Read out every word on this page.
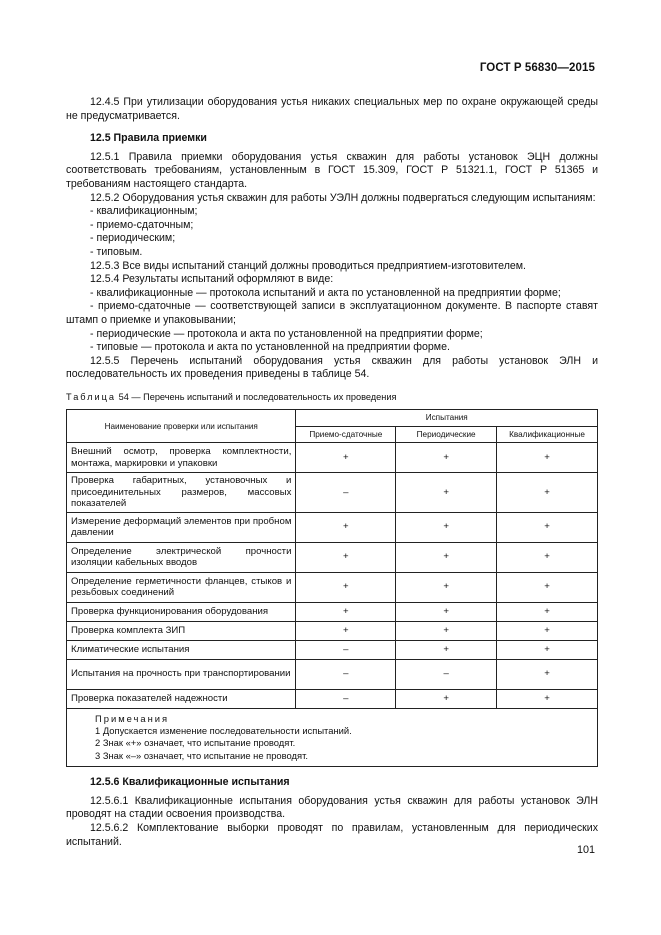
ГОСТ Р 56830—2015

12.4.5 При утилизации оборудования устья никаких специальных мер по охране окружающей среды не предусматривается.

12.5 Правила приемки

12.5.1 Правила приемки оборудования устья скважин для работы установок ЭЦН должны соответствовать требованиям, установленным в ГОСТ 15.309, ГОСТ Р 51321.1, ГОСТ Р 51365 и требованиям настоящего стандарта.

12.5.2 Оборудования устья скважин для работы УЭЛН должны подвергаться следующим испытаниям:

- квалификационным;

- приемо-сдаточным;

- периодическим;

- типовым.

12.5.3 Все виды испытаний станций должны проводиться предприятием-изготовителем.

12.5.4 Результаты испытаний оформляют в виде:

- квалификационные — протокола испытаний и акта по установленной на предприятии форме;

- приемо-сдаточные — соответствующей записи в эксплуатационном документе. В паспорте ставят штамп о приемке и упаковывании;

- периодические — протокола и акта по установленной на предприятии форме;

- типовые — протокола и акта по установленной на предприятии форме.

12.5.5 Перечень испытаний оборудования устья скважин для работы установок ЭЛН и последовательность их проведения приведены в таблице 54.

Таблица 54 — Перечень испытаний и последовательность их проведения

Наименование проверки или испытания	Испытания		
	Приемо-сдаточные	Периодические	Квалификационные
Внешний осмотр, проверка комплектности, монтажа, маркировки и упаковки	+	+	+
Проверка габаритных, установочных и присоединительных размеров, массовых показателей	–	+	+
Измерение деформаций элементов при пробном давлении	+	+	+
Определение электрической прочности изоляции кабельных вводов	+	+	+
Определение герметичности фланцев, стыков и резьбовых соединений	+	+	+
Проверка функционирования оборудования	+	+	+
Проверка комплекта ЗИП	+	+	+
Климатические испытания	–	+	+
Испытания на прочность при транспортировании	–	–	+
Проверка показателей надежности	–	+	+

Примечания
1 Допускается изменение последовательности испытаний.
2 Знак «+» означает, что испытание проводят.
3 Знак «–» означает, что испытание не проводят.			

12.5.6 Квалификационные испытания

12.5.6.1 Квалификационные испытания оборудования устья скважин для работы установок ЭЛН проводят на стадии освоения производства.

12.5.6.2 Комплектование выборки проводят по правилам, установленным для периодических испытаний.

101
